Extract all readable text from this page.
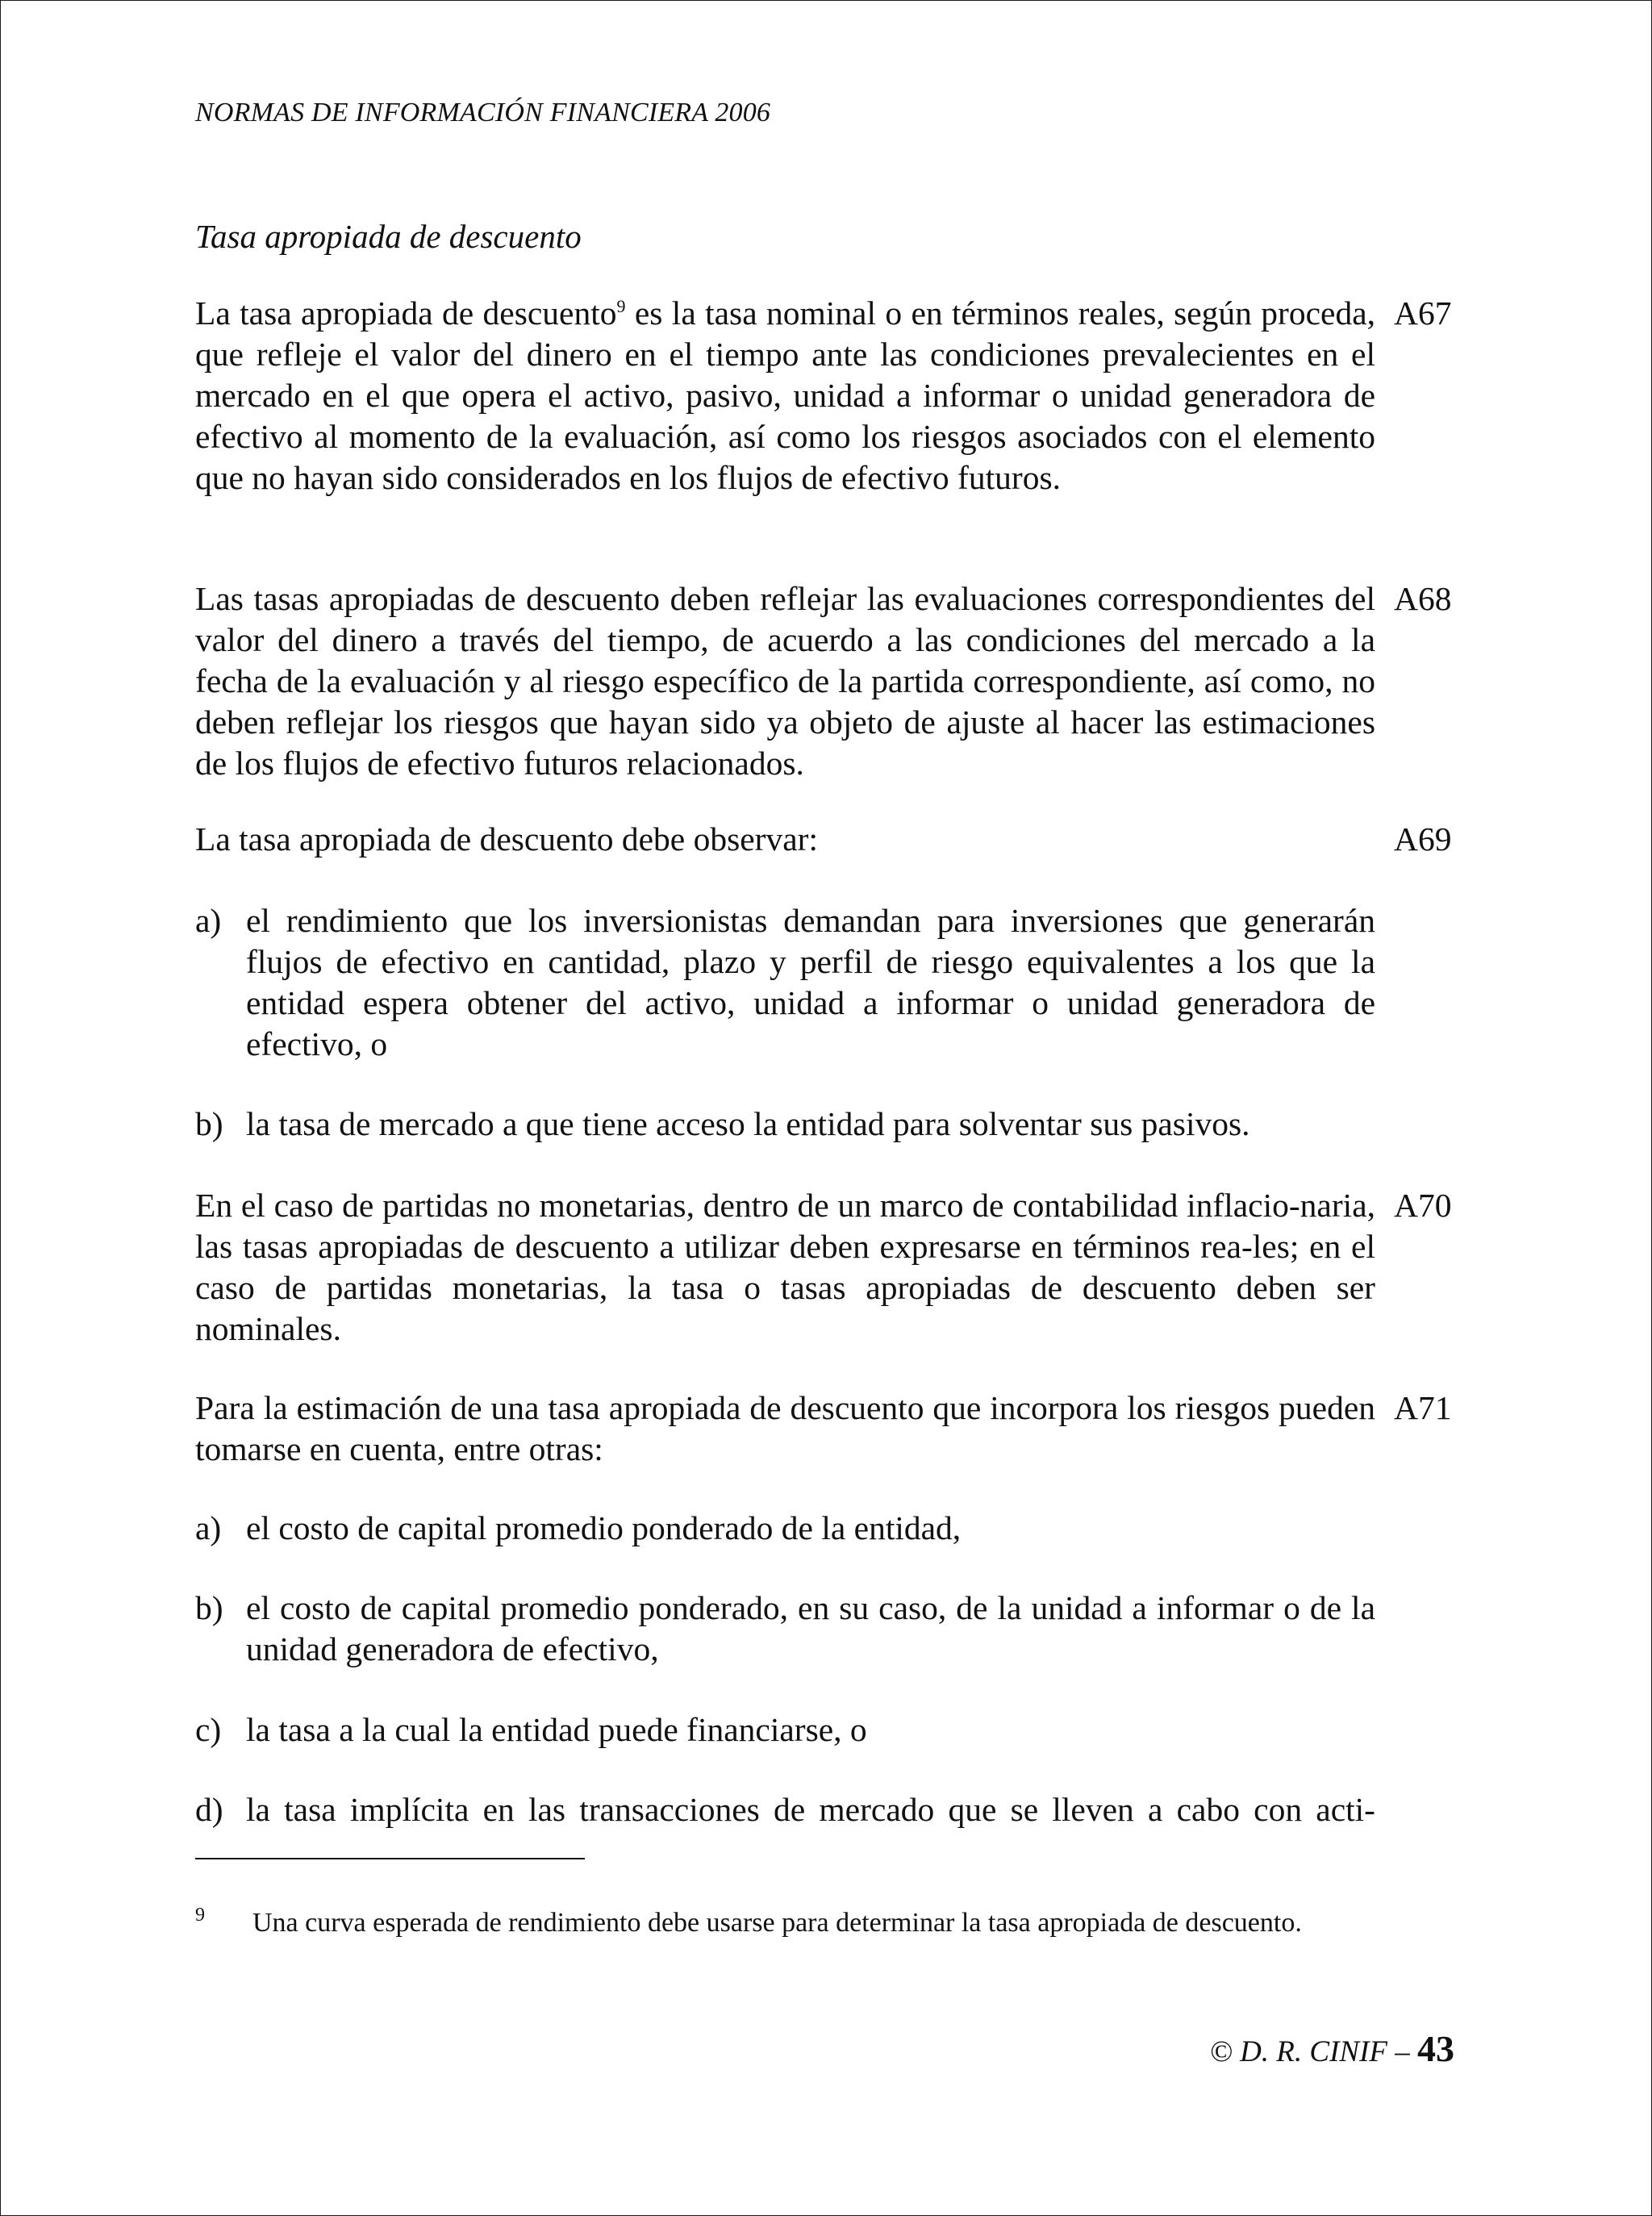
NORMAS DE INFORMACIÓN FINANCIERA 2006
Tasa apropiada de descuento
La tasa apropiada de descuento$^9$ es la tasa nominal o en términos reales, según proceda, que refleje el valor del dinero en el tiempo ante las condiciones prevalecientes en el mercado en el que opera el activo, pasivo, unidad a informar o unidad generadora de efectivo al momento de la evaluación, así como los riesgos asociados con el elemento que no hayan sido considerados en los flujos de efectivo futuros.
A67
Las tasas apropiadas de descuento deben reflejar las evaluaciones correspondientes del valor del dinero a través del tiempo, de acuerdo a las condiciones del mercado a la fecha de la evaluación y al riesgo específico de la partida correspondiente, así como, no deben reflejar los riesgos que hayan sido ya objeto de ajuste al hacer las estimaciones de los flujos de efectivo futuros relacionados.
A68
La tasa apropiada de descuento debe observar:	A69
a) el rendimiento que los inversionistas demandan para inversiones que generarán flujos de efectivo en cantidad, plazo y perfil de riesgo equivalentes a los que la entidad espera obtener del activo, unidad a informar o unidad generadora de efectivo, o
b) la tasa de mercado a que tiene acceso la entidad para solventar sus pasivos.
En el caso de partidas no monetarias, dentro de un marco de contabilidad inflacio-naria, las tasas apropiadas de descuento a utilizar deben expresarse en términos rea-les; en el caso de partidas monetarias, la tasa o tasas apropiadas de descuento deben ser nominales.
A70
Para la estimación de una tasa apropiada de descuento que incorpora los riesgos pueden tomarse en cuenta, entre otras:
A71
a) el costo de capital promedio ponderado de la entidad,
b) el costo de capital promedio ponderado, en su caso, de la unidad a informar o de la unidad generadora de efectivo,
c) la tasa a la cual la entidad puede financiarse, o
d) la tasa implícita en las transacciones de mercado que se lleven a cabo con acti-
9 Una curva esperada de rendimiento debe usarse para determinar la tasa apropiada de descuento.
© D. R. CINIF – 43
